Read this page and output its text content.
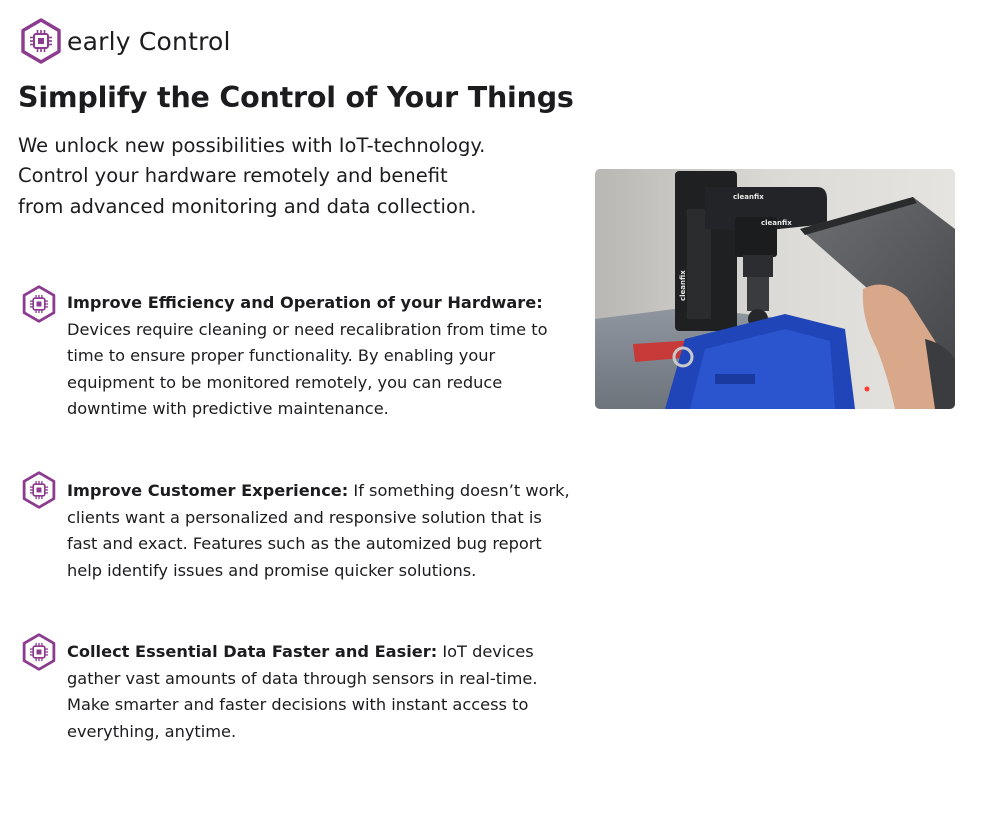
early Control
Simplify the Control of Your Things

We unlock new possibilities with IoT-technology.
Control your hardware remotely and benefit
from advanced monitoring and data collection.

Improve Efficiency and Operation of your Hardware: Devices require cleaning or need recalibration from time to time to ensure proper functionality. By enabling your equipment to be monitored remotely, you can reduce downtime with predictive maintenance.

Improve Customer Experience: If something doesn’t work, clients want a personalized and responsive solution that is fast and exact. Features such as the automized bug report help identify issues and promise quicker solutions.

Collect Essential Data Faster and Easier: IoT devices gather vast amounts of data through sensors in real-time. Make smarter and faster decisions with instant access to everything, anytime.

cleanfix
cleanfix
cleanfix
